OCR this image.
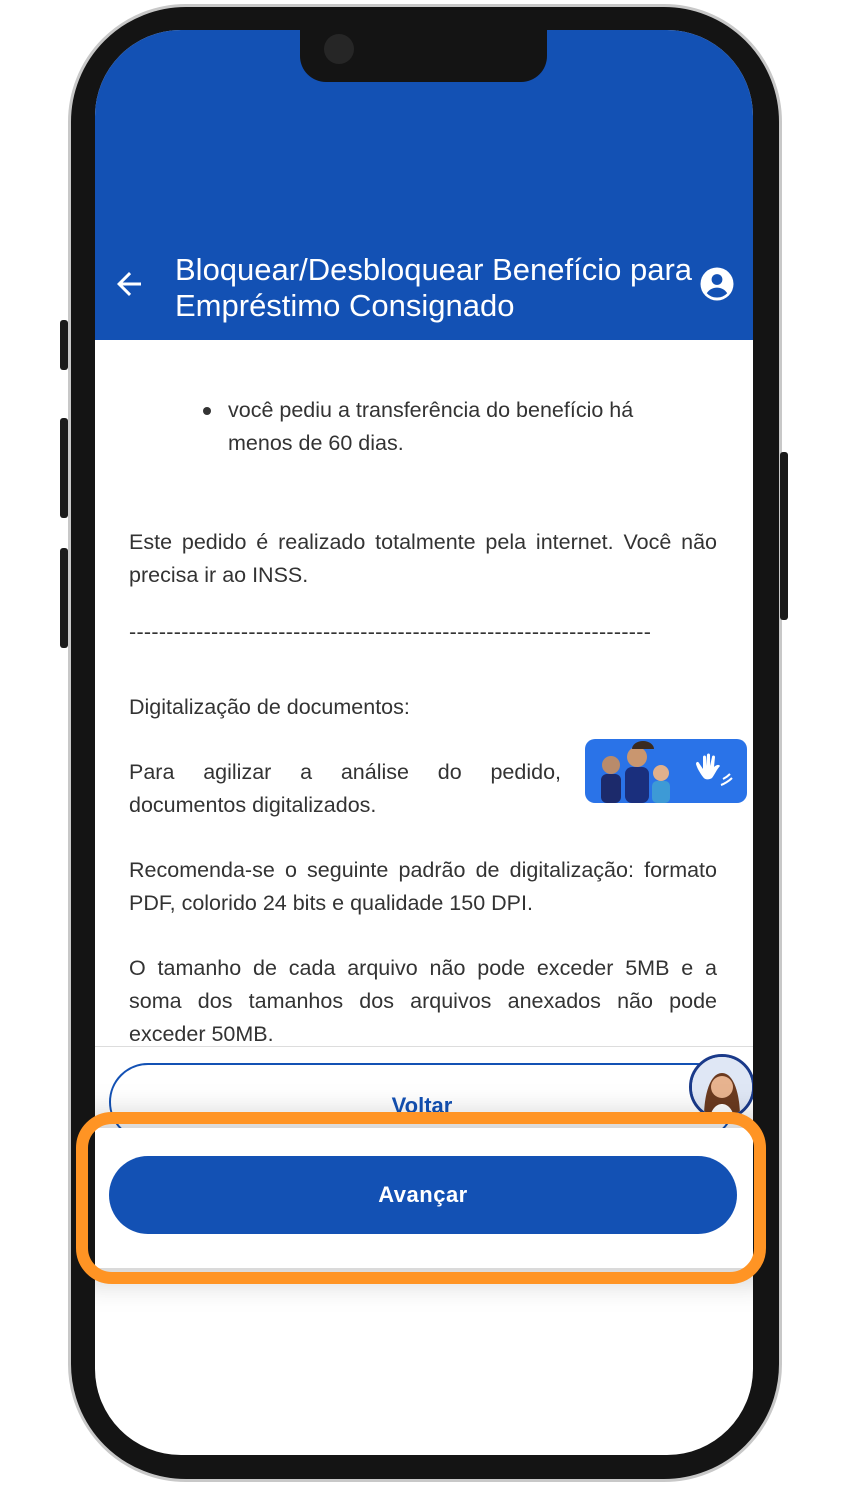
Bloquear/Desbloquear Benefício para Empréstimo Consignado
você pediu a transferência do benefício há menos de 60 dias.

Este pedido é realizado totalmente pela internet. Você não precisa ir ao INSS.

----------------------------------------------------------------------

Digitalização de documentos:

Para agilizar a análise do pedido, documentos digitalizados.

Recomenda-se o seguinte padrão de digitalização: formato PDF, colorido 24 bits e qualidade 150 DPI.

O tamanho de cada arquivo não pode exceder 5MB e a soma dos tamanhos dos arquivos anexados não pode exceder 50MB.

Voltar
Avançar
